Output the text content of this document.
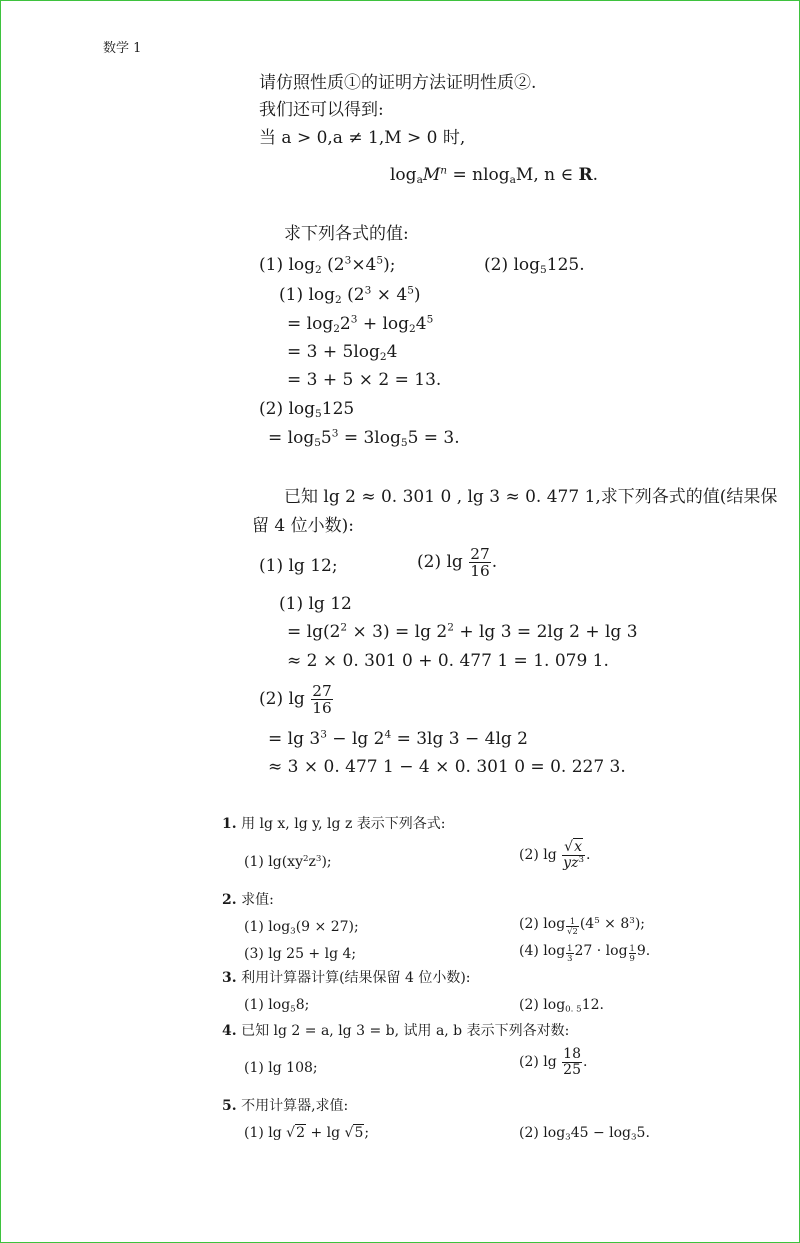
数学 1
请仿照性质①的证明方法证明性质②.
我们还可以得到:
当 a > 0,a ≠ 1,M > 0 时,
$\log_aM^n = nlog_aM$, n ∈ R.
求下列各式的值:
(1) $\log_2 (2^3\times 4^5)$;	(2) $\log_5125$.
(1) $\log_2 (2^3 \times 4^5)$
= $\log_22^3 + \log_24^5$
= $3 + 5\log_24$
= 3 + 5 × 2 = 13.
(2) $\log_5125$
= $\log_55^3 = 3\log_55 = 3$.
已知 lg 2 ≈ 0. 301 0 , lg 3 ≈ 0. 477 1,求下列各式的值(结果保
留 4 位小数):
(1) lg 12;	(2) $\lg \frac{27}{16}$ .
(1) lg 12
= $\lg(2^2 \times 3) = \lg 2^2 + \lg 3 = 2\lg$ 2 + lg 3
≈ 2 × 0. 301 0 + 0. 477 1 = 1. 079 1.
(2) $\lg \frac{27}{16}$
= $\lg 3^3 - \lg 2^4 = 3\lg$ 3 − 4lg 2
≈ 3 × 0. 477 1 − 4 × 0. 301 0 = 0. 227 3.
1. 用 lg x, lg y, lg z 表示下列各式:
(1) $\lg(xy^2z^3)$;	(2) $\lg \frac{√x}{yz^3}$ .
2. 求值:
(1) $\log_3(9 \times 27)$;	(2) $\log \frac{1}{√2} (4^5 \times 8^3)$;
(3) lg 25 + lg 4;	(4) $\log \frac{1}{3} 27 \cdot \log \frac{1}{9} 9$.
3. 利用计算器计算(结果保留 4 位小数):
(1) $\log_58$;	(2) $\log_{0. 5}12$.
4. 已知 lg 2 = a, lg 3 = b, 试用 a, b 表示下列各对数:
(1) lg 108;	(2) $\lg \frac{18}{25}$ .
5. 不用计算器,求值:
(1) lg √2 + lg √5;	(2) $\log_345 - \log_35$.
